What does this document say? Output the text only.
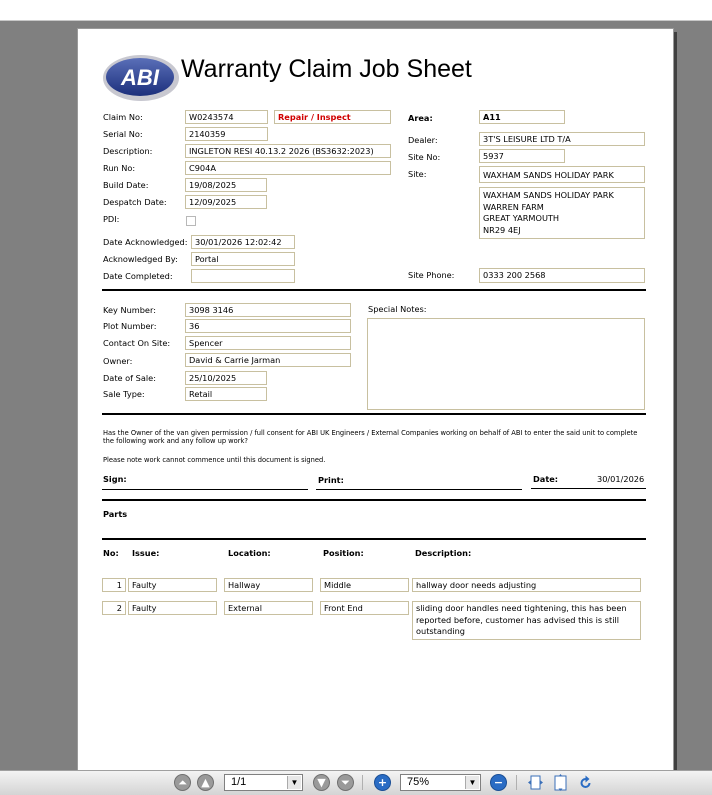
ABI Warranty Claim Job Sheet
Claim No:	W0243574	Repair / Inspect
Serial No:	2140359
Description:	INGLETON RESI 40.13.2 2026 (BS3632:2023)
Run No:	C904A
Build Date:	19/08/2025
Despatch Date:	12/09/2025
PDI:
Date Acknowledged: 30/01/2026 12:02:42
Acknowledged By:	Portal
Date Completed:
Area:	A11
Dealer:	3T'S LEISURE LTD T/A
Site No:	5937
Site:	WAXHAM SANDS HOLIDAY PARK
WAXHAM SANDS HOLIDAY PARK
WARREN FARM
GREAT YARMOUTH
NR29 4EJ
Site Phone:	0333 200 2568
Key Number:	3098 3146
Plot Number:	36
Contact On Site:	Spencer
Owner:	David & Carrie Jarman
Date of Sale:	25/10/2025
Sale Type:	Retail
Special Notes:
Has the Owner of the van given permission / full consent for ABI UK Engineers / External Companies working on behalf of ABI to enter the said unit to complete the following work and any follow up work?
Please note work cannot commence until this document is signed.
Sign:	Print:	Date:	30/01/2026
Parts
No: Issue:	Location:	Position:	Description:
1	Faulty	Hallway	Middle	hallway door needs adjusting
2	Faulty	External	Front End	sliding door handles need tightening, this has been reported before, customer has advised this is still outstanding
⏶	▲	1/1	▼	▼	⏷	+	75%	▼	−
